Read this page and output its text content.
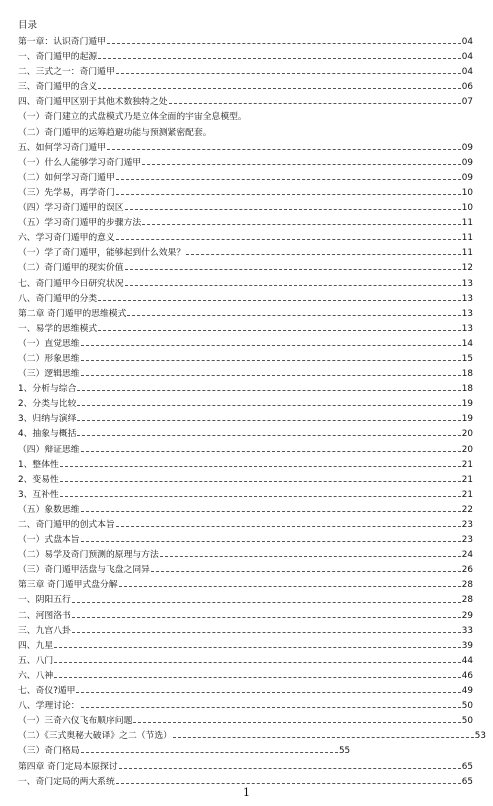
目录
第一章：认识奇门遁甲	04
一、奇门遁甲的起源	04
二、三式之一：奇门遁甲	04
三、奇门遁甲的含义	06
四、奇门遁甲区别于其他术数独特之处	07
（一）奇门建立的式盘模式乃是立体全面的宇宙全息模型。
（二）奇门遁甲的运筹趋避功能与预测紧密配套。
五、如何学习奇门遁甲	09
（一）什么人能够学习奇门遁甲	09
（二）如何学习奇门遁甲	09
（三）先学易，再学奇门	10
（四）学习奇门遁甲的误区	10
（五）学习奇门遁甲的步骤方法	11
六、学习奇门遁甲的意义	11
（一）学了奇门遁甲，能够起到什么效果？	11
（二）奇门遁甲的现实价值	12
七、奇门遁甲今日研究状况	13
八、奇门遁甲的分类	13
第二章 奇门遁甲的思维模式	13
一、易学的思维模式	13
（一）直觉思维	14
（二）形象思维	15
（三）逻辑思维	18
1、分析与综合	18
2、分类与比较	19
3、归纳与演绎	19
4、抽象与概括	20
（四）辩证思维	20
1、整体性	21
2、变易性	21
3、互补性	21
（五）象数思维	22
二、奇门遁甲的创式本旨	23
（一）式盘本旨	23
（二）易学及奇门预测的原理与方法	24
（三）奇门遁甲活盘与飞盘之同异	26
第三章 奇门遁甲式盘分解	28
一、阴阳五行	28
二、河图洛书	29
三、九宫八卦	33
四、九星	39
五、八门	44
六、八神	46
七、奇仪?遁甲	49
八、学理讨论：	50
（一）三奇六仪飞布顺序问题	50
（二）《三式奥秘大破译》之二（节选）	53
（三）奇门格局	55
第四章 奇门定局本原探讨	65
一、奇门定局的两大系统	65
1
